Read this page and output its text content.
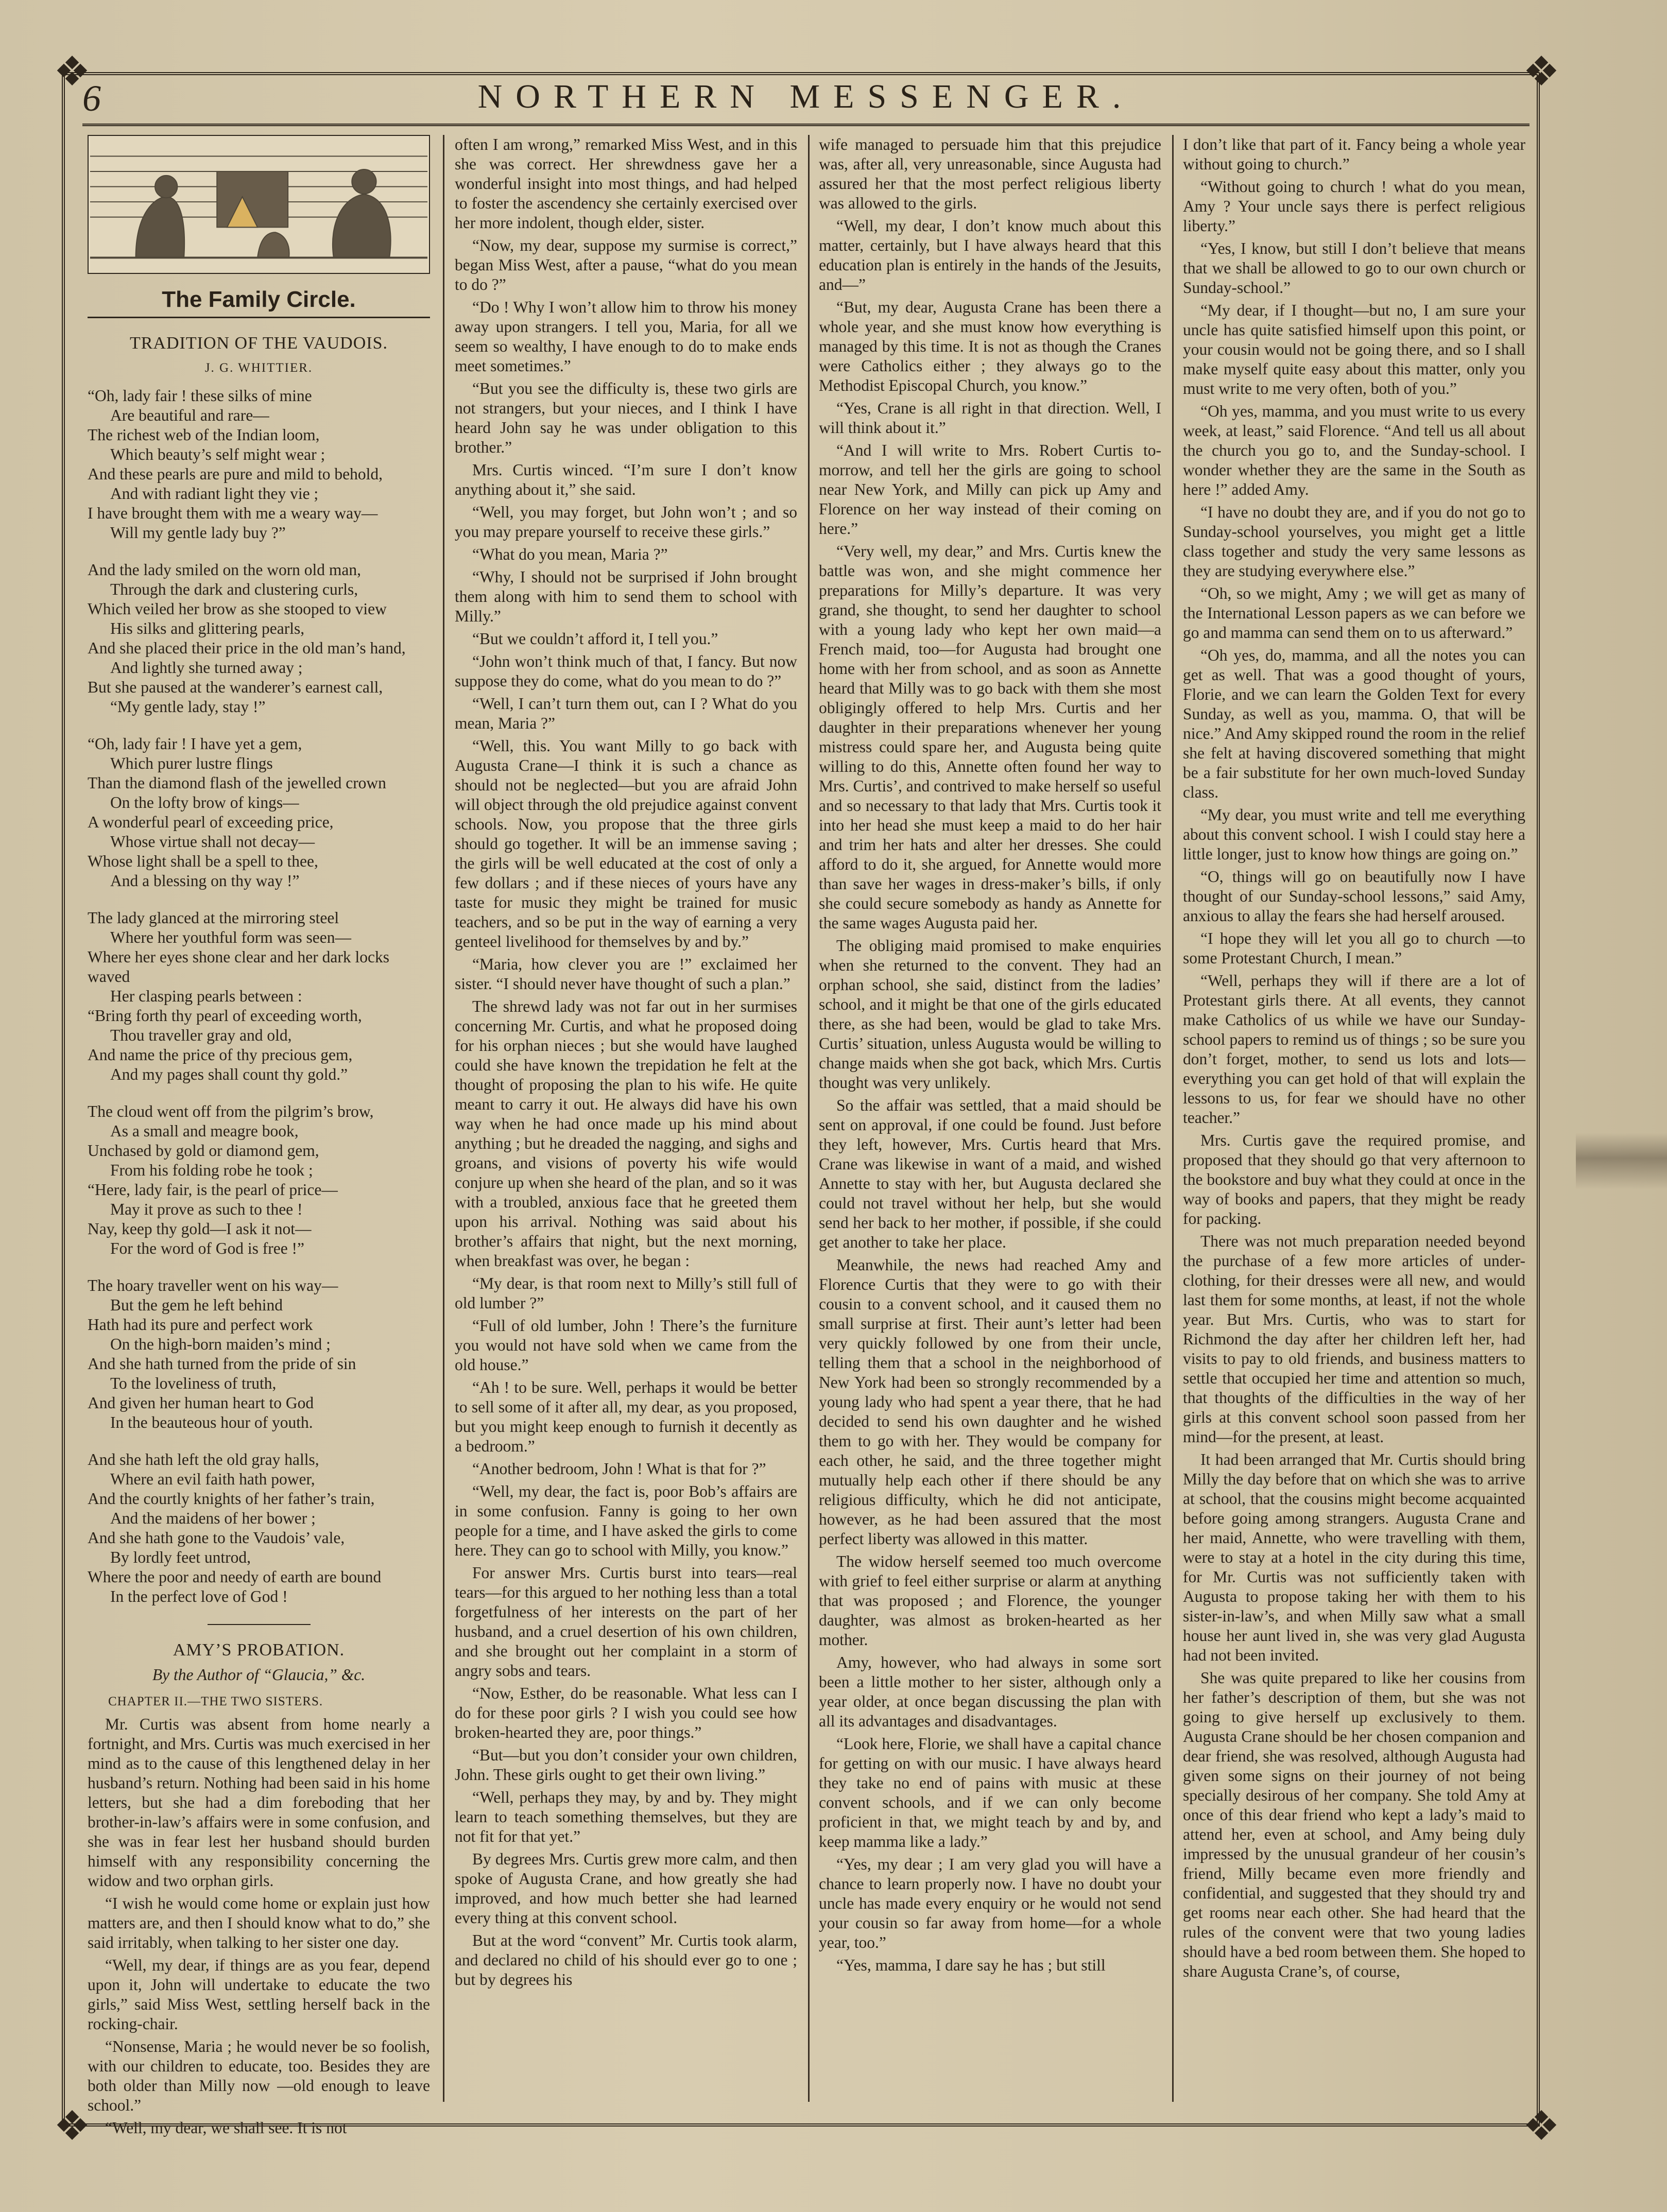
❖	❖
❖	❖
6	NORTHERN MESSENGER.
The Family Circle.
TRADITION OF THE VAUDOIS.
J. G. WHITTIER.
“Oh, lady fair ! these silks of mine
Are beautiful and rare—
The richest web of the Indian loom,
Which beauty’s self might wear ;
And these pearls are pure and mild to behold,
And with radiant light they vie ;
I have brought them with me a weary way—
Will my gentle lady buy ?”
And the lady smiled on the worn old man,
Through the dark and clustering curls,
Which veiled her brow as she stooped to view
His silks and glittering pearls,
And she placed their price in the old man’s hand,
And lightly she turned away ;
But she paused at the wanderer’s earnest call,
“My gentle lady, stay !”
“Oh, lady fair ! I have yet a gem,
Which purer lustre flings
Than the diamond flash of the jewelled crown
On the lofty brow of kings—
A wonderful pearl of exceeding price,
Whose virtue shall not decay—
Whose light shall be a spell to thee,
And a blessing on thy way !”
The lady glanced at the mirroring steel
Where her youthful form was seen—
Where her eyes shone clear and her dark locks waved
Her clasping pearls between :
“Bring forth thy pearl of exceeding worth,
Thou traveller gray and old,
And name the price of thy precious gem,
And my pages shall count thy gold.”
The cloud went off from the pilgrim’s brow,
As a small and meagre book,
Unchased by gold or diamond gem,
From his folding robe he took ;
“Here, lady fair, is the pearl of price—
May it prove as such to thee !
Nay, keep thy gold—I ask it not—
For the word of God is free !”
The hoary traveller went on his way—
But the gem he left behind
Hath had its pure and perfect work
On the high-born maiden’s mind ;
And she hath turned from the pride of sin
To the loveliness of truth,
And given her human heart to God
In the beauteous hour of youth.
And she hath left the old gray halls,
Where an evil faith hath power,
And the courtly knights of her father’s train,
And the maidens of her bower ;
And she hath gone to the Vaudois’ vale,
By lordly feet untrod,
Where the poor and needy of earth are bound
In the perfect love of God !
AMY’S PROBATION.
By the Author of “Glaucia,” &c.
CHAPTER II.—THE TWO SISTERS.

Mr. Curtis was absent from home nearly a fortnight, and Mrs. Curtis was much exercised in her mind as to the cause of this lengthened delay in her husband’s return. Nothing had been said in his home letters, but she had a dim foreboding that her brother-in-law’s affairs were in some confusion, and she was in fear lest her husband should burden himself with any responsibility concerning the widow and two orphan girls.

“I wish he would come home or explain just how matters are, and then I should know what to do,” she said irritably, when talking to her sister one day.

“Well, my dear, if things are as you fear, depend upon it, John will undertake to educate the two girls,” said Miss West, settling herself back in the rocking-chair.

“Nonsense, Maria ; he would never be so foolish, with our children to educate, too. Besides they are both older than Milly now —old enough to leave school.”

“Well, my dear, we shall see. It is not

often I am wrong,” remarked Miss West, and in this she was correct. Her shrewdness gave her a wonderful insight into most things, and had helped to foster the ascendency she certainly exercised over her more indolent, though elder, sister.

“Now, my dear, suppose my surmise is correct,” began Miss West, after a pause, “what do you mean to do ?”

“Do ! Why I won’t allow him to throw his money away upon strangers. I tell you, Maria, for all we seem so wealthy, I have enough to do to make ends meet sometimes.”

“But you see the difficulty is, these two girls are not strangers, but your nieces, and I think I have heard John say he was under obligation to this brother.”

Mrs. Curtis winced. “I’m sure I don’t know anything about it,” she said.

“Well, you may forget, but John won’t ; and so you may prepare yourself to receive these girls.”

“What do you mean, Maria ?”

“Why, I should not be surprised if John brought them along with him to send them to school with Milly.”

“But we couldn’t afford it, I tell you.”

“John won’t think much of that, I fancy. But now suppose they do come, what do you mean to do ?”

“Well, I can’t turn them out, can I ? What do you mean, Maria ?”

“Well, this. You want Milly to go back with Augusta Crane—I think it is such a chance as should not be neglected—but you are afraid John will object through the old prejudice against convent schools. Now, you propose that the three girls should go together. It will be an immense saving ; the girls will be well educated at the cost of only a few dollars ; and if these nieces of yours have any taste for music they might be trained for music teachers, and so be put in the way of earning a very genteel livelihood for themselves by and by.”

“Maria, how clever you are !” exclaimed her sister. “I should never have thought of such a plan.”

The shrewd lady was not far out in her surmises concerning Mr. Curtis, and what he proposed doing for his orphan nieces ; but she would have laughed could she have known the trepidation he felt at the thought of proposing the plan to his wife. He quite meant to carry it out. He always did have his own way when he had once made up his mind about anything ; but he dreaded the nagging, and sighs and groans, and visions of poverty his wife would conjure up when she heard of the plan, and so it was with a troubled, anxious face that he greeted them upon his arrival. Nothing was said about his brother’s affairs that night, but the next morning, when breakfast was over, he began :

“My dear, is that room next to Milly’s still full of old lumber ?”

“Full of old lumber, John ! There’s the furniture you would not have sold when we came from the old house.”

“Ah ! to be sure. Well, perhaps it would be better to sell some of it after all, my dear, as you proposed, but you might keep enough to furnish it decently as a bedroom.”

“Another bedroom, John ! What is that for ?”

“Well, my dear, the fact is, poor Bob’s affairs are in some confusion. Fanny is going to her own people for a time, and I have asked the girls to come here. They can go to school with Milly, you know.”

For answer Mrs. Curtis burst into tears—real tears—for this argued to her nothing less than a total forgetfulness of her interests on the part of her husband, and a cruel desertion of his own children, and she brought out her complaint in a storm of angry sobs and tears.

“Now, Esther, do be reasonable. What less can I do for these poor girls ? I wish you could see how broken-hearted they are, poor things.”

“But—but you don’t consider your own children, John. These girls ought to get their own living.”

“Well, perhaps they may, by and by. They might learn to teach something themselves, but they are not fit for that yet.”

By degrees Mrs. Curtis grew more calm, and then spoke of Augusta Crane, and how greatly she had improved, and how much better she had learned every thing at this convent school.

But at the word “convent” Mr. Curtis took alarm, and declared no child of his should ever go to one ; but by degrees his

wife managed to persuade him that this prejudice was, after all, very unreasonable, since Augusta had assured her that the most perfect religious liberty was allowed to the girls.

“Well, my dear, I don’t know much about this matter, certainly, but I have always heard that this education plan is entirely in the hands of the Jesuits, and—”

“But, my dear, Augusta Crane has been there a whole year, and she must know how everything is managed by this time. It is not as though the Cranes were Catholics either ; they always go to the Methodist Episcopal Church, you know.”

“Yes, Crane is all right in that direction. Well, I will think about it.”

“And I will write to Mrs. Robert Curtis to-morrow, and tell her the girls are going to school near New York, and Milly can pick up Amy and Florence on her way instead of their coming on here.”

“Very well, my dear,” and Mrs. Curtis knew the battle was won, and she might commence her preparations for Milly’s departure. It was very grand, she thought, to send her daughter to school with a young lady who kept her own maid—a French maid, too—for Augusta had brought one home with her from school, and as soon as Annette heard that Milly was to go back with them she most obligingly offered to help Mrs. Curtis and her daughter in their preparations whenever her young mistress could spare her, and Augusta being quite willing to do this, Annette often found her way to Mrs. Curtis’, and contrived to make herself so useful and so necessary to that lady that Mrs. Curtis took it into her head she must keep a maid to do her hair and trim her hats and alter her dresses. She could afford to do it, she argued, for Annette would more than save her wages in dress-maker’s bills, if only she could secure somebody as handy as Annette for the same wages Augusta paid her.

The obliging maid promised to make enquiries when she returned to the convent. They had an orphan school, she said, distinct from the ladies’ school, and it might be that one of the girls educated there, as she had been, would be glad to take Mrs. Curtis’ situation, unless Augusta would be willing to change maids when she got back, which Mrs. Curtis thought was very unlikely.

So the affair was settled, that a maid should be sent on approval, if one could be found. Just before they left, however, Mrs. Curtis heard that Mrs. Crane was likewise in want of a maid, and wished Annette to stay with her, but Augusta declared she could not travel without her help, but she would send her back to her mother, if possible, if she could get another to take her place.

Meanwhile, the news had reached Amy and Florence Curtis that they were to go with their cousin to a convent school, and it caused them no small surprise at first. Their aunt’s letter had been very quickly followed by one from their uncle, telling them that a school in the neighborhood of New York had been so strongly recommended by a young lady who had spent a year there, that he had decided to send his own daughter and he wished them to go with her. They would be company for each other, he said, and the three together might mutually help each other if there should be any religious difficulty, which he did not anticipate, however, as he had been assured that the most perfect liberty was allowed in this matter.

The widow herself seemed too much overcome with grief to feel either surprise or alarm at anything that was proposed ; and Florence, the younger daughter, was almost as broken-hearted as her mother.

Amy, however, who had always in some sort been a little mother to her sister, although only a year older, at once began discussing the plan with all its advantages and disadvantages.

“Look here, Florie, we shall have a capital chance for getting on with our music. I have always heard they take no end of pains with music at these convent schools, and if we can only become proficient in that, we might teach by and by, and keep mamma like a lady.”

“Yes, my dear ; I am very glad you will have a chance to learn properly now. I have no doubt your uncle has made every enquiry or he would not send your cousin so far away from home—for a whole year, too.”

“Yes, mamma, I dare say he has ; but still

I don’t like that part of it. Fancy being a whole year without going to church.”

“Without going to church ! what do you mean, Amy ? Your uncle says there is perfect religious liberty.”

“Yes, I know, but still I don’t believe that means that we shall be allowed to go to our own church or Sunday-school.”

“My dear, if I thought—but no, I am sure your uncle has quite satisfied himself upon this point, or your cousin would not be going there, and so I shall make myself quite easy about this matter, only you must write to me very often, both of you.”

“Oh yes, mamma, and you must write to us every week, at least,” said Florence. “And tell us all about the church you go to, and the Sunday-school. I wonder whether they are the same in the South as here !” added Amy.

“I have no doubt they are, and if you do not go to Sunday-school yourselves, you might get a little class together and study the very same lessons as they are studying everywhere else.”

“Oh, so we might, Amy ; we will get as many of the International Lesson papers as we can before we go and mamma can send them on to us afterward.”

“Oh yes, do, mamma, and all the notes you can get as well. That was a good thought of yours, Florie, and we can learn the Golden Text for every Sunday, as well as you, mamma. O, that will be nice.” And Amy skipped round the room in the relief she felt at having discovered something that might be a fair substitute for her own much-loved Sunday class.

“My dear, you must write and tell me everything about this convent school. I wish I could stay here a little longer, just to know how things are going on.”

“O, things will go on beautifully now I have thought of our Sunday-school lessons,” said Amy, anxious to allay the fears she had herself aroused.

“I hope they will let you all go to church —to some Protestant Church, I mean.”

“Well, perhaps they will if there are a lot of Protestant girls there. At all events, they cannot make Catholics of us while we have our Sunday-school papers to remind us of things ; so be sure you don’t forget, mother, to send us lots and lots—everything you can get hold of that will explain the lessons to us, for fear we should have no other teacher.”

Mrs. Curtis gave the required promise, and proposed that they should go that very afternoon to the bookstore and buy what they could at once in the way of books and papers, that they might be ready for packing.

There was not much preparation needed beyond the purchase of a few more articles of under-clothing, for their dresses were all new, and would last them for some months, at least, if not the whole year. But Mrs. Curtis, who was to start for Richmond the day after her children left her, had visits to pay to old friends, and business matters to settle that occupied her time and attention so much, that thoughts of the difficulties in the way of her girls at this convent school soon passed from her mind—for the present, at least.

It had been arranged that Mr. Curtis should bring Milly the day before that on which she was to arrive at school, that the cousins might become acquainted before going among strangers. Augusta Crane and her maid, Annette, who were travelling with them, were to stay at a hotel in the city during this time, for Mr. Curtis was not sufficiently taken with Augusta to propose taking her with them to his sister-in-law’s, and when Milly saw what a small house her aunt lived in, she was very glad Augusta had not been invited.

She was quite prepared to like her cousins from her father’s description of them, but she was not going to give herself up exclusively to them. Augusta Crane should be her chosen companion and dear friend, she was resolved, although Augusta had given some signs on their journey of not being specially desirous of her company. She told Amy at once of this dear friend who kept a lady’s maid to attend her, even at school, and Amy being duly impressed by the unusual grandeur of her cousin’s friend, Milly became even more friendly and confidential, and suggested that they should try and get rooms near each other. She had heard that the rules of the convent were that two young ladies should have a bed room between them. She hoped to share Augusta Crane’s, of course,
